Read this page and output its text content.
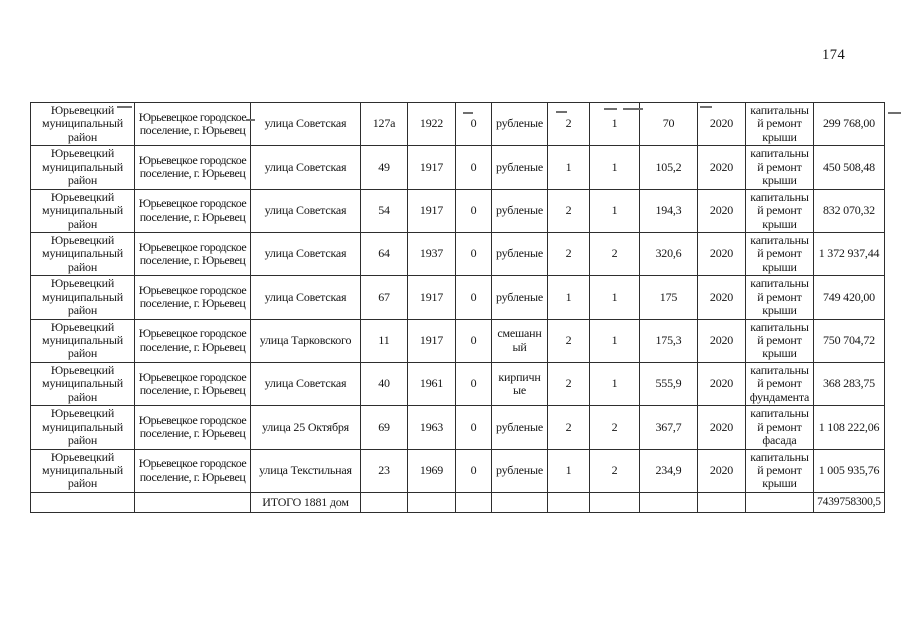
174
Юрьевецкий муниципальный район	Юрьевецкое городское поселение, г. Юрьевец	улица Советская	127а	1922	0	рубленые	2	1	70	2020	капитальный ремонт крыши	299 768,00
Юрьевецкий муниципальный район	Юрьевецкое городское поселение, г. Юрьевец	улица Советская	49	1917	0	рубленые	1	1	105,2	2020	капитальный ремонт крыши	450 508,48
Юрьевецкий муниципальный район	Юрьевецкое городское поселение, г. Юрьевец	улица Советская	54	1917	0	рубленые	2	1	194,3	2020	капитальный ремонт крыши	832 070,32
Юрьевецкий муниципальный район	Юрьевецкое городское поселение, г. Юрьевец	улица Советская	64	1937	0	рубленые	2	2	320,6	2020	капитальный ремонт крыши	1 372 937,44
Юрьевецкий муниципальный район	Юрьевецкое городское поселение, г. Юрьевец	улица Советская	67	1917	0	рубленые	1	1	175	2020	капитальный ремонт крыши	749 420,00
Юрьевецкий муниципальный район	Юрьевецкое городское поселение, г. Юрьевец	улица Тарковского	11	1917	0	смешанный	2	1	175,3	2020	капитальный ремонт крыши	750 704,72
Юрьевецкий муниципальный район	Юрьевецкое городское поселение, г. Юрьевец	улица Советская	40	1961	0	кирпичные	2	1	555,9	2020	капитальный ремонт фундамента	368 283,75
Юрьевецкий муниципальный район	Юрьевецкое городское поселение, г. Юрьевец	улица 25 Октября	69	1963	0	рубленые	2	2	367,7	2020	капитальный ремонт фасада	1 108 222,06
Юрьевецкий муниципальный район	Юрьевецкое городское поселение, г. Юрьевец	улица Текстильная	23	1969	0	рубленые	1	2	234,9	2020	капитальный ремонт крыши	1 005 935,76
		ИТОГО 1881 дом										7439758300,5
